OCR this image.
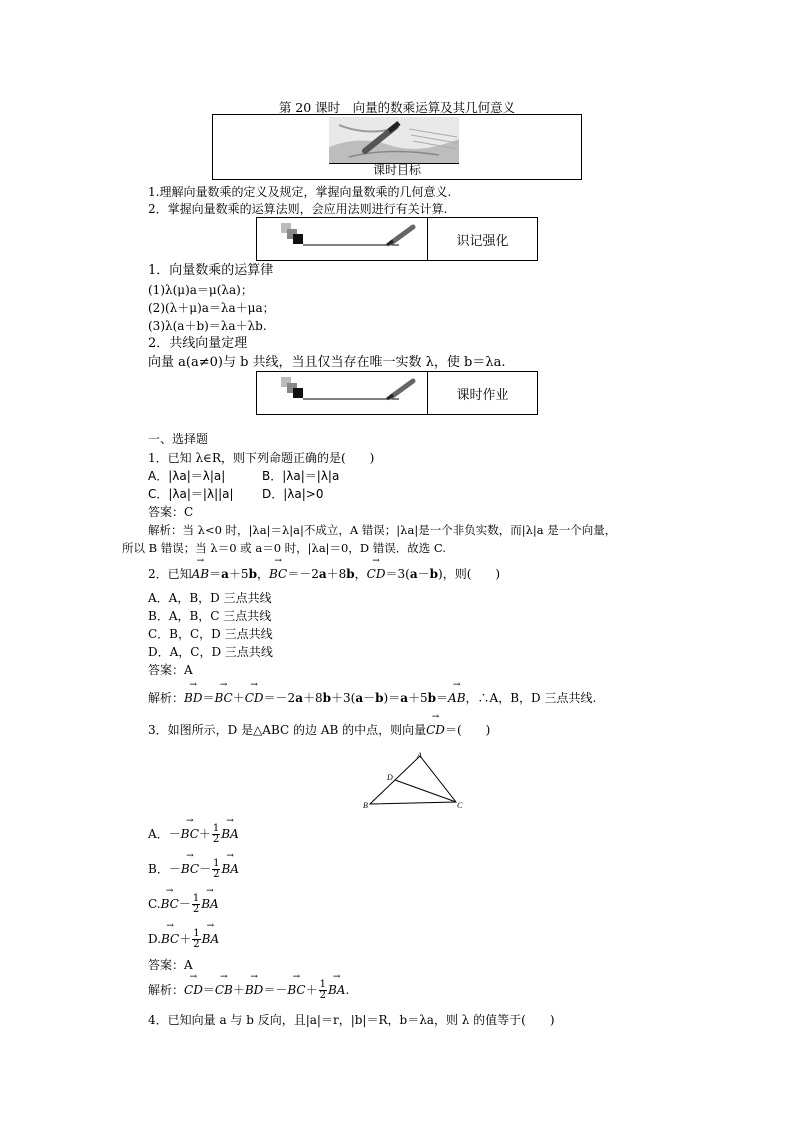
第 20 课时　向量的数乘运算及其几何意义
课时目标
1.理解向量数乘的定义及规定，掌握向量数乘的几何意义.
2．掌握向量数乘的运算法则，会应用法则进行有关计算.
识记强化
1．向量数乘的运算律
(1)λ(μ)a＝μ(λa)；
(2)(λ＋μ)a＝λa＋μa；
(3)λ(a＋b)＝λa＋λb.
2．共线向量定理
向量 a(a≠0)与 b 共线，当且仅当存在唯一实数 λ，使 b＝λa.
课时作业
一、选择题
1．已知 λ∈R，则下列命题正确的是(　　)
A．|λa|＝λ|a|	B．|λa|＝|λ|a
C．|λa|＝|λ||a| D．|λa|>0
答案：C
解析：当 λ<0 时，|λa|＝λ|a|不成立，A 错误；|λa|是一个非负实数，而|λ|a 是一个向量，
所以 B 错误；当 λ＝0 或 a＝0 时，|λa|＝0，D 错误．故选 C.
2．已知→ AB＝a＋5b，→ BC＝－2a＋8b，→ CD＝3(a－b)，则(　　)
A．A，B，D 三点共线
B．A，B，C 三点共线
C．B，C，D 三点共线
D．A，C，D 三点共线
答案：A
解析：→ BD＝→ BC＋→ CD＝－2a＋8b＋3(a－b)＝a＋5b＝→ AB，∴A，B，D 三点共线.
3．如图所示，D 是△ABC 的边 AB 的中点，则向量→ CD＝(　　)
A
B	C
D
A．－→ $BC+ \frac{1}{2}$ → BA
B．－→ $BC- \frac{1}{2}$ → BA
$C.\to BC- \frac{1}{2}$ → BA
$D.\to BC+ \frac{1}{2}$ → BA
答案：A
解析：→ $CD=\to CB+\to BD=-\to BC+ \frac{1}{2}$ → BA.
4．已知向量 a 与 b 反向，且|a|＝r，|b|＝R，b＝λa，则 λ 的值等于(　　)
